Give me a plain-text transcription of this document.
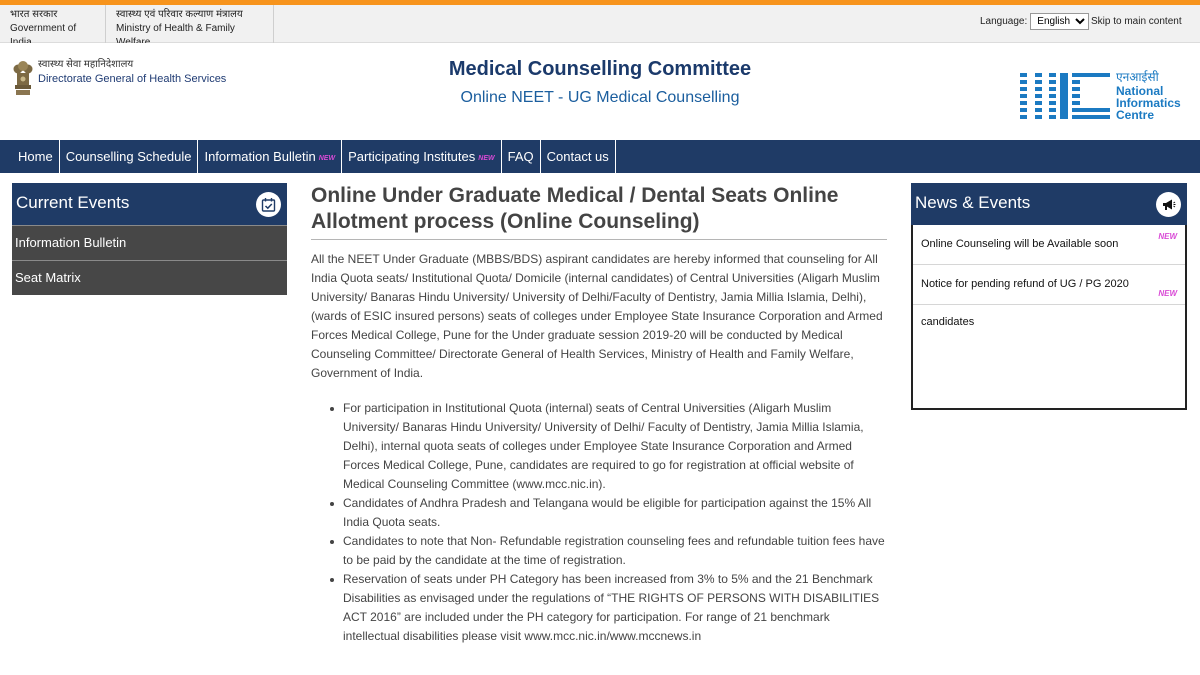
भारत सरकार
Government of
स्वास्थ्य एवं परिवार कल्याण मंत्रालय
Ministry of Health & Family
Language:
English	Skip to main content
स्वास्थ्य सेवा महानिदेशालय
Directorate General of Health Services	Medical Counselling Committee
Online NEET - UG Medical Counselling
एनआईसी
National
Informatics
Centre
Home	Counselling Schedule	Information Bulletin NEW	Participating Institutes NEW	FAQ	Contact us
Current Events
Information Bulletin
Seat Matrix
Online Under Graduate Medical / Dental Seats Online Allotment process (Online Counseling)

All the NEET Under Graduate (MBBS/BDS) aspirant candidates are hereby informed that counseling for All India Quota seats/ Institutional Quota/ Domicile (internal candidates) of Central Universities (Aligarh Muslim University/ Banaras Hindu University/ University of Delhi/Faculty of Dentistry, Jamia Millia Islamia, Delhi), (wards of ESIC insured persons) seats of colleges under Employee State Insurance Corporation and Armed Forces Medical College, Pune for the Under graduate session 2019-20 will be conducted by Medical Counseling Committee/ Directorate General of Health Services, Ministry of Health and Family Welfare, Government of India.

For participation in Institutional Quota (internal) seats of Central Universities (Aligarh Muslim University/ Banaras Hindu University/ University of Delhi/ Faculty of Dentistry, Jamia Millia Islamia, Delhi), internal quota seats of colleges under Employee State Insurance Corporation and Armed Forces Medical College, Pune, candidates are required to go for registration at official website of Medical Counseling Committee (www.mcc.nic.in).
Candidates of Andhra Pradesh and Telangana would be eligible for participation against the 15% All India Quota seats.
Candidates to note that Non- Refundable registration counseling fees and refundable tuition fees have to be paid by the candidate at the time of registration.
Reservation of seats under PH Category has been increased from 3% to 5% and the 21 Benchmark Disabilities as envisaged under the regulations of “THE RIGHTS OF PERSONS WITH DISABILITIES ACT 2016” are included under the PH category for participation. For range of 21 benchmark intellectual disabilities please visit www.mcc.nic.in/www.mccnews.in
News & Events
Online Counseling will be Available soon
NEW
Notice for pending refund of UG / PG 2020 candidates
NEW
